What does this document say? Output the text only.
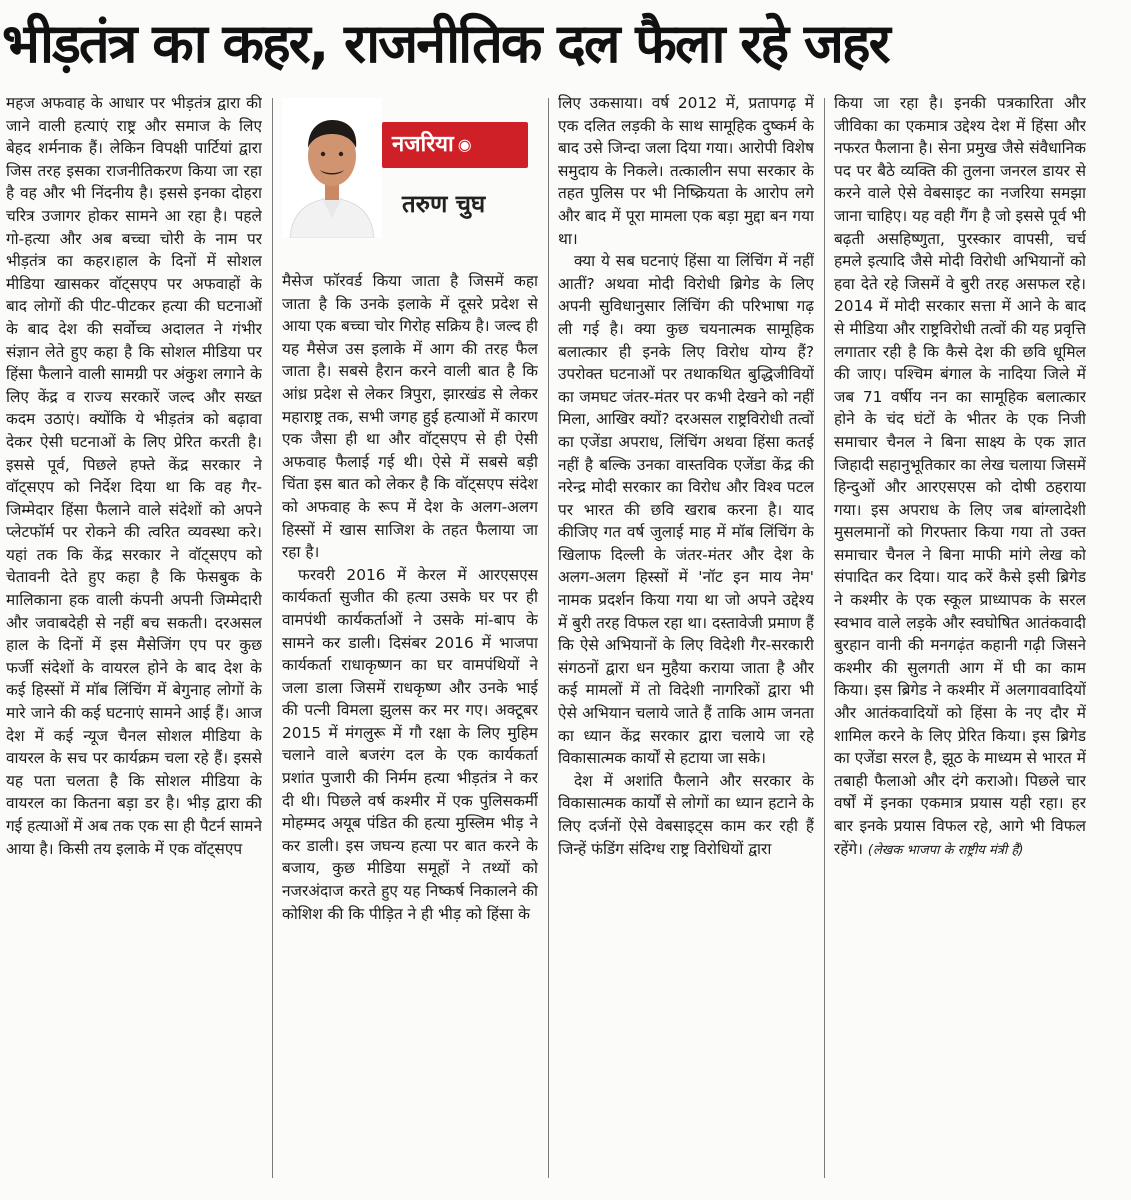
भीड़तंत्र का कहर, राजनीतिक दल फैला रहे जहर

महज अफवाह के आधार पर भीड़तंत्र द्वारा की जाने वाली हत्याएं राष्ट्र और समाज के लिए बेहद शर्मनाक हैं। लेकिन विपक्षी पार्टियां द्वारा जिस तरह इसका राजनीतिकरण किया जा रहा है वह और भी निंदनीय है। इससे इनका दोहरा चरित्र उजागर होकर सामने आ रहा है। पहले गो-हत्या और अब बच्चा चोरी के नाम पर भीड़तंत्र का कहर।हाल के दिनों में सोशल मीडिया खासकर वॉट्सएप पर अफवाहों के बाद लोगों की पीट-पीटकर हत्या की घटनाओं के बाद देश की सर्वोच्च अदालत ने गंभीर संज्ञान लेते हुए कहा है कि सोशल मीडिया पर हिंसा फैलाने वाली सामग्री पर अंकुश लगाने के लिए केंद्र व राज्य सरकारें जल्द और सख्त कदम उठाएं। क्योंकि ये भीड़तंत्र को बढ़ावा देकर ऐसी घटनाओं के लिए प्रेरित करती है। इससे पूर्व, पिछले हफ्ते केंद्र सरकार ने वॉट्सएप को निर्देश दिया था कि वह गैर-जिम्मेदार हिंसा फैलाने वाले संदेशों को अपने प्लेटफॉर्म पर रोकने की त्वरित व्यवस्था करे। यहां तक कि केंद्र सरकार ने वॉट्सएप को चेतावनी देते हुए कहा है कि फेसबुक के मालिकाना हक वाली कंपनी अपनी जिम्मेदारी और जवाबदेही से नहीं बच सकती। दरअसल हाल के दिनों में इस मैसेजिंग एप पर कुछ फर्जी संदेशों के वायरल होने के बाद देश के कई हिस्सों में मॉब लिंचिंग में बेगुनाह लोगों के मारे जाने की कई घटनाएं सामने आई हैं। आज देश में कई न्यूज चैनल सोशल मीडिया के वायरल के सच पर कार्यक्रम चला रहे हैं। इससे यह पता चलता है कि सोशल मीडिया के वायरल का कितना बड़ा डर है। भीड़ द्वारा की गई हत्याओं में अब तक एक सा ही पैटर्न सामने आया है। किसी तय इलाके में एक वॉट्सएप

नजरिया ◉
तरुण चुघ

मैसेज फॉरवर्ड किया जाता है जिसमें कहा जाता है कि उनके इलाके में दूसरे प्रदेश से आया एक बच्चा चोर गिरोह सक्रिय है। जल्द ही यह मैसेज उस इलाके में आग की तरह फैल जाता है। सबसे हैरान करने वाली बात है कि आंध्र प्रदेश से लेकर त्रिपुरा, झारखंड से लेकर महाराष्ट्र तक, सभी जगह हुई हत्याओं में कारण एक जैसा ही था और वॉट्सएप से ही ऐसी अफवाह फैलाई गई थी। ऐसे में सबसे बड़ी चिंता इस बात को लेकर है कि वॉट्सएप संदेश को अफवाह के रूप में देश के अलग-अलग हिस्सों में खास साजिश के तहत फैलाया जा रहा है।

फरवरी 2016 में केरल में आरएसएस कार्यकर्ता सुजीत की हत्या उसके घर पर ही वामपंथी कार्यकर्ताओं ने उसके मां-बाप के सामने कर डाली। दिसंबर 2016 में भाजपा कार्यकर्ता राधाकृष्णन का घर वामपंथियों ने जला डाला जिसमें राधकृष्ण और उनके भाई की पत्नी विमला झुलस कर मर गए। अक्टूबर 2015 में मंगलुरू में गौ रक्षा के लिए मुहिम चलाने वाले बजरंग दल के एक कार्यकर्ता प्रशांत पुजारी की निर्मम हत्या भीड़तंत्र ने कर दी थी। पिछले वर्ष कश्मीर में एक पुलिसकर्मी मोहम्मद अयूब पंडित की हत्या मुस्लिम भीड़ ने कर डाली। इस जघन्य हत्या पर बात करने के बजाय, कुछ मीडिया समूहों ने तथ्यों को नजरअंदाज करते हुए यह निष्कर्ष निकालने की कोशिश की कि पीड़ित ने ही भीड़ को हिंसा के

लिए उकसाया। वर्ष 2012 में, प्रतापगढ़ में एक दलित लड़की के साथ सामूहिक दुष्कर्म के बाद उसे जिन्दा जला दिया गया। आरोपी विशेष समुदाय के निकले। तत्कालीन सपा सरकार के तहत पुलिस पर भी निष्क्रियता के आरोप लगे और बाद में पूरा मामला एक बड़ा मुद्दा बन गया था।

क्या ये सब घटनाएं हिंसा या लिंचिंग में नहीं आतीं? अथवा मोदी विरोधी ब्रिगेड के लिए अपनी सुविधानुसार लिंचिंग की परिभाषा गढ़ ली गई है। क्या कुछ चयनात्मक सामूहिक बलात्कार ही इनके लिए विरोध योग्य हैं? उपरोक्त घटनाओं पर तथाकथित बुद्धिजीवियों का जमघट जंतर-मंतर पर कभी देखने को नहीं मिला, आखिर क्यों? दरअसल राष्ट्रविरोधी तत्वों का एजेंडा अपराध, लिंचिंग अथवा हिंसा कतई नहीं है बल्कि उनका वास्तविक एजेंडा केंद्र की नरेन्द्र मोदी सरकार का विरोध और विश्व पटल पर भारत की छवि खराब करना है। याद कीजिए गत वर्ष जुलाई माह में मॉब लिंचिंग के खिलाफ दिल्ली के जंतर-मंतर और देश के अलग-अलग हिस्सों में 'नॉट इन माय नेम' नामक प्रदर्शन किया गया था जो अपने उद्देश्य में बुरी तरह विफल रहा था। दस्तावेजी प्रमाण हैं कि ऐसे अभियानों के लिए विदेशी गैर-सरकारी संगठनों द्वारा धन मुहैया कराया जाता है और कई मामलों में तो विदेशी नागरिकों द्वारा भी ऐसे अभियान चलाये जाते हैं ताकि आम जनता का ध्यान केंद्र सरकार द्वारा चलाये जा रहे विकासात्मक कार्यों से हटाया जा सके।

देश में अशांति फैलाने और सरकार के विकासात्मक कार्यों से लोगों का ध्यान हटाने के लिए दर्जनों ऐसे वेबसाइट्स काम कर रही हैं जिन्हें फंडिंग संदिग्ध राष्ट्र विरोधियों द्वारा

किया जा रहा है। इनकी पत्रकारिता और जीविका का एकमात्र उद्देश्य देश में हिंसा और नफरत फैलाना है। सेना प्रमुख जैसे संवैधानिक पद पर बैठे व्यक्ति की तुलना जनरल डायर से करने वाले ऐसे वेबसाइट का नजरिया समझा जाना चाहिए। यह वही गैंग है जो इससे पूर्व भी बढ़ती असहिष्णुता, पुरस्कार वापसी, चर्च हमले इत्यादि जैसे मोदी विरोधी अभियानों को हवा देते रहे जिसमें वे बुरी तरह असफल रहे। 2014 में मोदी सरकार सत्ता में आने के बाद से मीडिया और राष्ट्रविरोधी तत्वों की यह प्रवृत्ति लगातार रही है कि कैसे देश की छवि धूमिल की जाए। पश्चिम बंगाल के नादिया जिले में जब 71 वर्षीय नन का सामूहिक बलात्कार होने के चंद घंटों के भीतर के एक निजी समाचार चैनल ने बिना साक्ष्य के एक ज्ञात जिहादी सहानुभूतिकार का लेख चलाया जिसमें हिन्दुओं और आरएसएस को दोषी ठहराया गया। इस अपराध के लिए जब बांग्लादेशी मुसलमानों को गिरफ्तार किया गया तो उक्त समाचार चैनल ने बिना माफी मांगे लेख को संपादित कर दिया। याद करें कैसे इसी ब्रिगेड ने कश्मीर के एक स्कूल प्राध्यापक के सरल स्वभाव वाले लड़के और स्वघोषित आतंकवादी बुरहान वानी की मनगढ़ंत कहानी गढ़ी जिसने कश्मीर की सुलगती आग में घी का काम किया। इस ब्रिगेड ने कश्मीर में अलगाववादियों और आतंकवादियों को हिंसा के नए दौर में शामिल करने के लिए प्रेरित किया। इस ब्रिगेड का एजेंडा सरल है, झूठ के माध्यम से भारत में तबाही फैलाओ और दंगे कराओ। पिछले चार वर्षों में इनका एकमात्र प्रयास यही रहा। हर बार इनके प्रयास विफल रहे, आगे भी विफल रहेंगे। (लेखक भाजपा के राष्ट्रीय मंत्री हैं)
